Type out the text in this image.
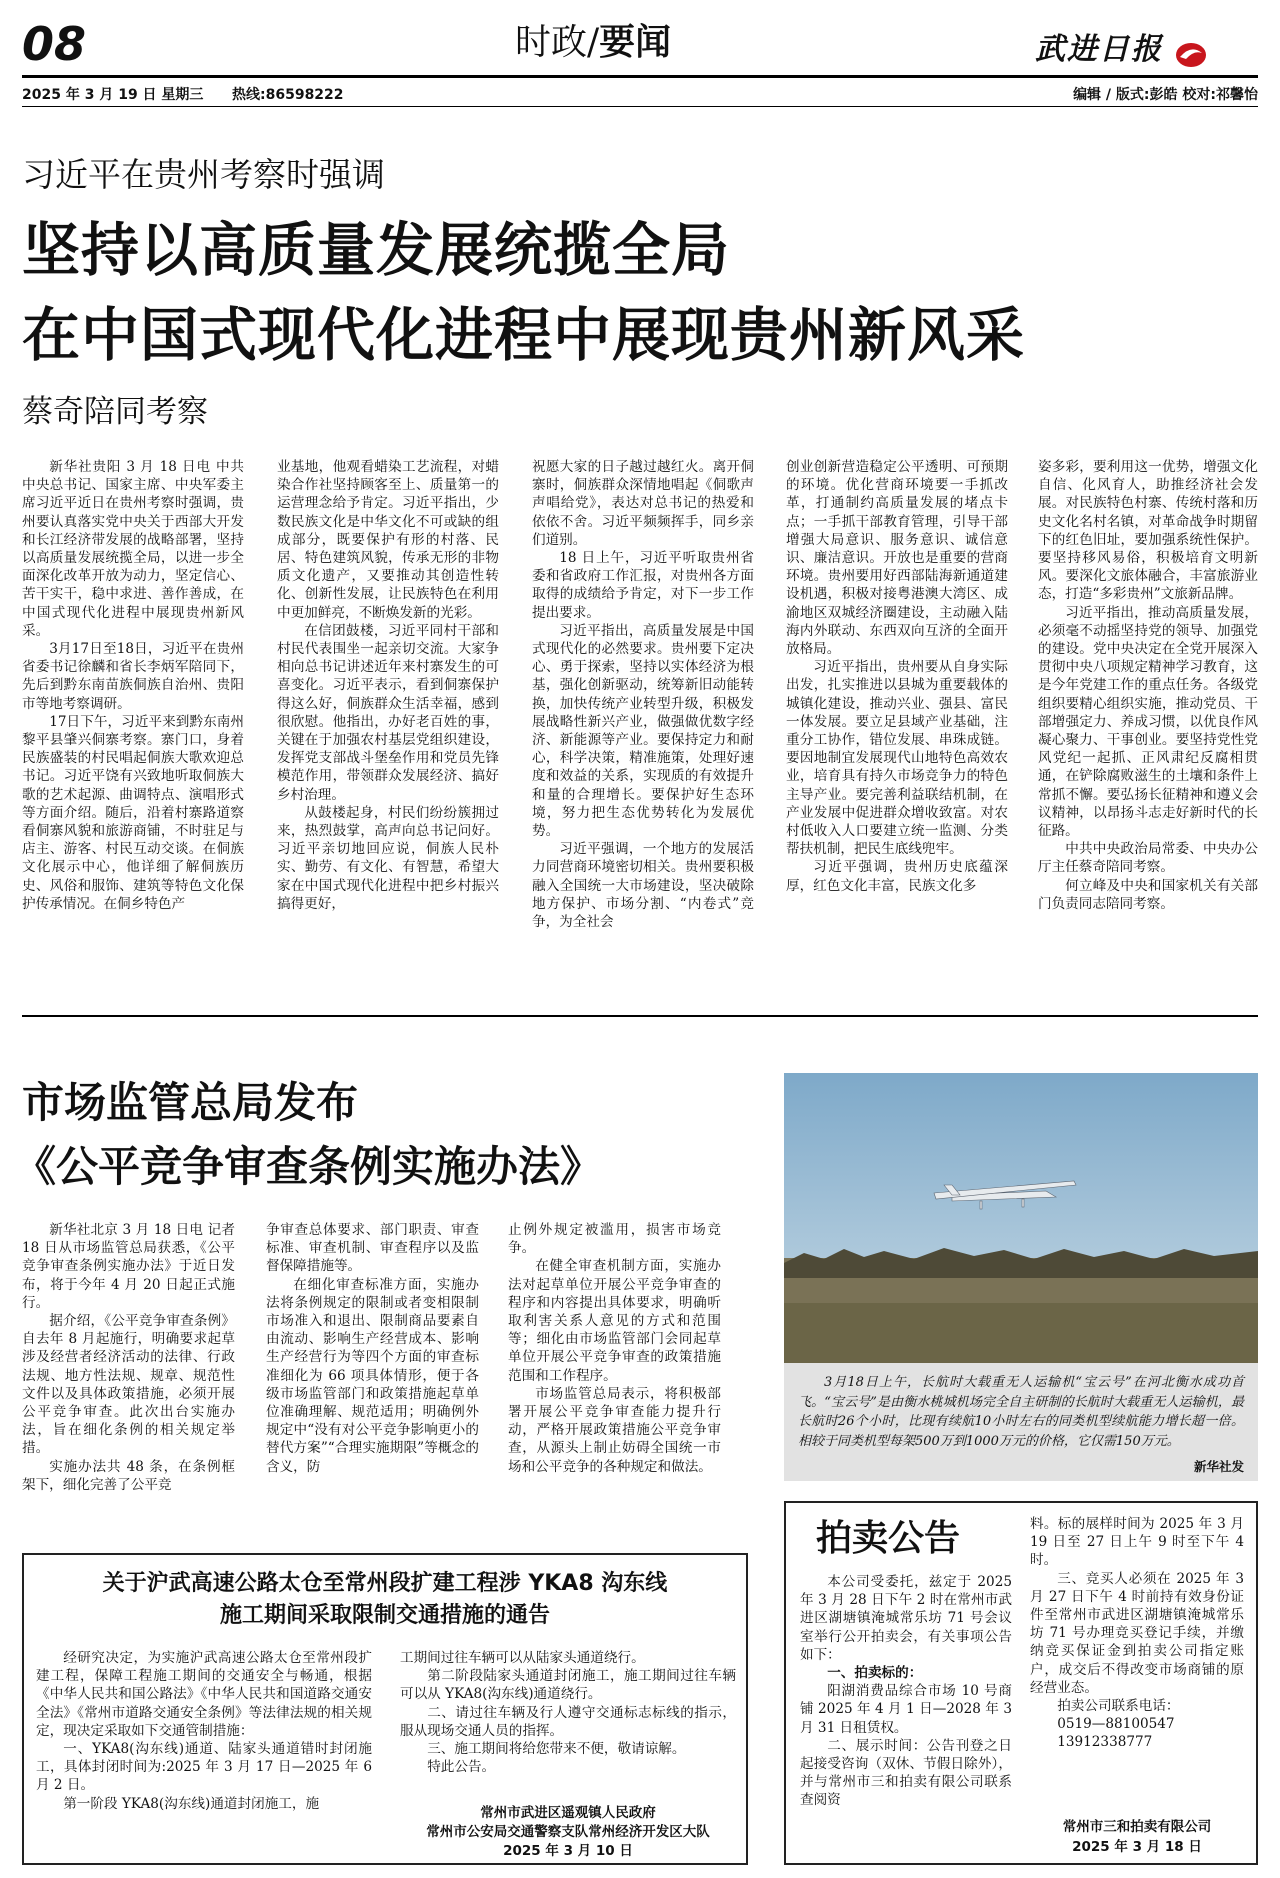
08	时政/要闻	武进日报
2025 年 3 月 19 日 星期三 热线:86598222	编辑 / 版式:彭皓 校对:祁馨怡
习近平在贵州考察时强调
坚持以高质量发展统揽全局
在中国式现代化进程中展现贵州新风采
蔡奇陪同考察

新华社贵阳 3 月 18 日电 中共中央总书记、国家主席、中央军委主席习近平近日在贵州考察时强调，贵州要认真落实党中央关于西部大开发和长江经济带发展的战略部署，坚持以高质量发展统揽全局，以进一步全面深化改革开放为动力，坚定信心、苦干实干，稳中求进、善作善成，在中国式现代化进程中展现贵州新风采。

3月17日至18日，习近平在贵州省委书记徐麟和省长李炳军陪同下，先后到黔东南苗族侗族自治州、贵阳市等地考察调研。

17日下午，习近平来到黔东南州黎平县肇兴侗寨考察。寨门口，身着民族盛装的村民唱起侗族大歌欢迎总书记。习近平饶有兴致地听取侗族大歌的艺术起源、曲调特点、演唱形式等方面介绍。随后，沿着村寨路道察看侗寨风貌和旅游商铺，不时驻足与店主、游客、村民互动交谈。在侗族文化展示中心，他详细了解侗族历史、风俗和服饰、建筑等特色文化保护传承情况。在侗乡特色产

业基地，他观看蜡染工艺流程，对蜡染合作社坚持顾客至上、质量第一的运营理念给予肯定。习近平指出，少数民族文化是中华文化不可或缺的组成部分，既要保护有形的村落、民居、特色建筑风貌，传承无形的非物质文化遗产，又要推动其创造性转化、创新性发展，让民族特色在利用中更加鲜亮，不断焕发新的光彩。

在信团鼓楼，习近平同村干部和村民代表围坐一起亲切交流。大家争相向总书记讲述近年来村寨发生的可喜变化。习近平表示，看到侗寨保护得这么好，侗族群众生活幸福，感到很欣慰。他指出，办好老百姓的事，关键在于加强农村基层党组织建设，发挥党支部战斗堡垒作用和党员先锋模范作用，带领群众发展经济、搞好乡村治理。

从鼓楼起身，村民们纷纷簇拥过来，热烈鼓掌，高声向总书记问好。习近平亲切地回应说，侗族人民朴实、勤劳、有文化、有智慧，希望大家在中国式现代化进程中把乡村振兴搞得更好，

祝愿大家的日子越过越红火。离开侗寨时，侗族群众深情地唱起《侗歌声声唱给党》，表达对总书记的热爱和依依不舍。习近平频频挥手，同乡亲们道别。

18 日上午，习近平听取贵州省委和省政府工作汇报，对贵州各方面取得的成绩给予肯定，对下一步工作提出要求。

习近平指出，高质量发展是中国式现代化的必然要求。贵州要下定决心、勇于探索，坚持以实体经济为根基，强化创新驱动，统筹新旧动能转换，加快传统产业转型升级，积极发展战略性新兴产业，做强做优数字经济、新能源等产业。要保持定力和耐心，科学决策，精准施策，处理好速度和效益的关系，实现质的有效提升和量的合理增长。要保护好生态环境，努力把生态优势转化为发展优势。

习近平强调，一个地方的发展活力同营商环境密切相关。贵州要积极融入全国统一大市场建设，坚决破除地方保护、市场分割、“内卷式”竞争，为全社会

创业创新营造稳定公平透明、可预期的环境。优化营商环境要一手抓改革，打通制约高质量发展的堵点卡点；一手抓干部教育管理，引导干部增强大局意识、服务意识、诚信意识、廉洁意识。开放也是重要的营商环境。贵州要用好西部陆海新通道建设机遇，积极对接粤港澳大湾区、成渝地区双城经济圈建设，主动融入陆海内外联动、东西双向互济的全面开放格局。

习近平指出，贵州要从自身实际出发，扎实推进以县城为重要载体的城镇化建设，推动兴业、强县、富民一体发展。要立足县域产业基础，注重分工协作，错位发展、串珠成链。要因地制宜发展现代山地特色高效农业，培育具有持久市场竞争力的特色主导产业。要完善利益联结机制，在产业发展中促进群众增收致富。对农村低收入人口要建立统一监测、分类帮扶机制，把民生底线兜牢。

习近平强调，贵州历史底蕴深厚，红色文化丰富，民族文化多

姿多彩，要利用这一优势，增强文化自信、化风育人，助推经济社会发展。对民族特色村寨、传统村落和历史文化名村名镇，对革命战争时期留下的红色旧址，要加强系统性保护。要坚持移风易俗，积极培育文明新风。要深化文旅体融合，丰富旅游业态，打造“多彩贵州”文旅新品牌。

习近平指出，推动高质量发展，必须毫不动摇坚持党的领导、加强党的建设。党中央决定在全党开展深入贯彻中央八项规定精神学习教育，这是今年党建工作的重点任务。各级党组织要精心组织实施，推动党员、干部增强定力、养成习惯，以优良作风凝心聚力、干事创业。要坚持党性党风党纪一起抓、正风肃纪反腐相贯通，在铲除腐败滋生的土壤和条件上常抓不懈。要弘扬长征精神和遵义会议精神，以昂扬斗志走好新时代的长征路。

中共中央政治局常委、中央办公厅主任蔡奇陪同考察。

何立峰及中央和国家机关有关部门负责同志陪同考察。

市场监管总局发布
《公平竞争审查条例实施办法》

新华社北京 3 月 18 日电 记者 18 日从市场监管总局获悉，《公平竞争审查条例实施办法》于近日发布，将于今年 4 月 20 日起正式施行。

据介绍，《公平竞争审查条例》自去年 8 月起施行，明确要求起草涉及经营者经济活动的法律、行政法规、地方性法规、规章、规范性文件以及具体政策措施，必须开展公平竞争审查。此次出台实施办法，旨在细化条例的相关规定举措。

实施办法共 48 条，在条例框架下，细化完善了公平竞

争审查总体要求、部门职责、审查标准、审查机制、审查程序以及监督保障措施等。

在细化审查标准方面，实施办法将条例规定的限制或者变相限制市场准入和退出、限制商品要素自由流动、影响生产经营成本、影响生产经营行为等四个方面的审查标准细化为 66 项具体情形，便于各级市场监管部门和政策措施起草单位准确理解、规范适用；明确例外规定中“没有对公平竞争影响更小的替代方案”“合理实施期限”等概念的含义，防

止例外规定被滥用，损害市场竞争。

在健全审查机制方面，实施办法对起草单位开展公平竞争审查的程序和内容提出具体要求，明确听取利害关系人意见的方式和范围等；细化由市场监管部门会同起草单位开展公平竞争审查的政策措施范围和工作程序。

市场监管总局表示，将积极部署开展公平竞争审查能力提升行动，严格开展政策措施公平竞争审查，从源头上制止妨碍全国统一市场和公平竞争的各种规定和做法。

3月18日上午，长航时大载重无人运输机“宝云号”在河北衡水成功首飞。“宝云号”是由衡水桃城机场完全自主研制的长航时大载重无人运输机，最长航时26个小时，比现有续航10小时左右的同类机型续航能力增长超一倍。相较于同类机型每架500万到1000万元的价格，它仅需150万元。

新华社发
关于沪武高速公路太仓至常州段扩建工程涉 YKA8 沟东线
施工期间采取限制交通措施的通告

经研究决定，为实施沪武高速公路太仓至常州段扩建工程，保障工程施工期间的交通安全与畅通，根据《中华人民共和国公路法》《中华人民共和国道路交通安全法》《常州市道路交通安全条例》等法律法规的相关规定，现决定采取如下交通管制措施：

一、YKA8(沟东线)通道、陆家头通道错时封闭施工，具体封闭时间为:2025 年 3 月 17 日—2025 年 6 月 2 日。

第一阶段 YKA8(沟东线)通道封闭施工，施

工期间过往车辆可以从陆家头通道绕行。

第二阶段陆家头通道封闭施工，施工期间过往车辆可以从 YKA8(沟东线)通道绕行。

二、请过往车辆及行人遵守交通标志标线的指示，服从现场交通人员的指挥。

三、施工期间将给您带来不便，敬请谅解。

特此公告。

常州市武进区遥观镇人民政府
常州市公安局交通警察支队常州经济开发区大队
2025 年 3 月 10 日
拍卖公告

本公司受委托，兹定于 2025 年 3 月 28 日下午 2 时在常州市武进区湖塘镇淹城常乐坊 71 号会议室举行公开拍卖会，有关事项公告如下：

一、拍卖标的：

阳湖消费品综合市场 10 号商铺 2025 年 4 月 1 日—2028 年 3 月 31 日租赁权。

二、展示时间：公告刊登之日起接受咨询（双休、节假日除外），并与常州市三和拍卖有限公司联系查阅资

料。标的展样时间为 2025 年 3 月 19 日至 27 日上午 9 时至下午 4 时。

三、竞买人必须在 2025 年 3 月 27 日下午 4 时前持有效身份证件至常州市武进区湖塘镇淹城常乐坊 71 号办理竞买登记手续，并缴纳竞买保证金到拍卖公司指定账户，成交后不得改变市场商铺的原经营业态。

拍卖公司联系电话：

0519—88100547

13912338777

常州市三和拍卖有限公司
2025 年 3 月 18 日
